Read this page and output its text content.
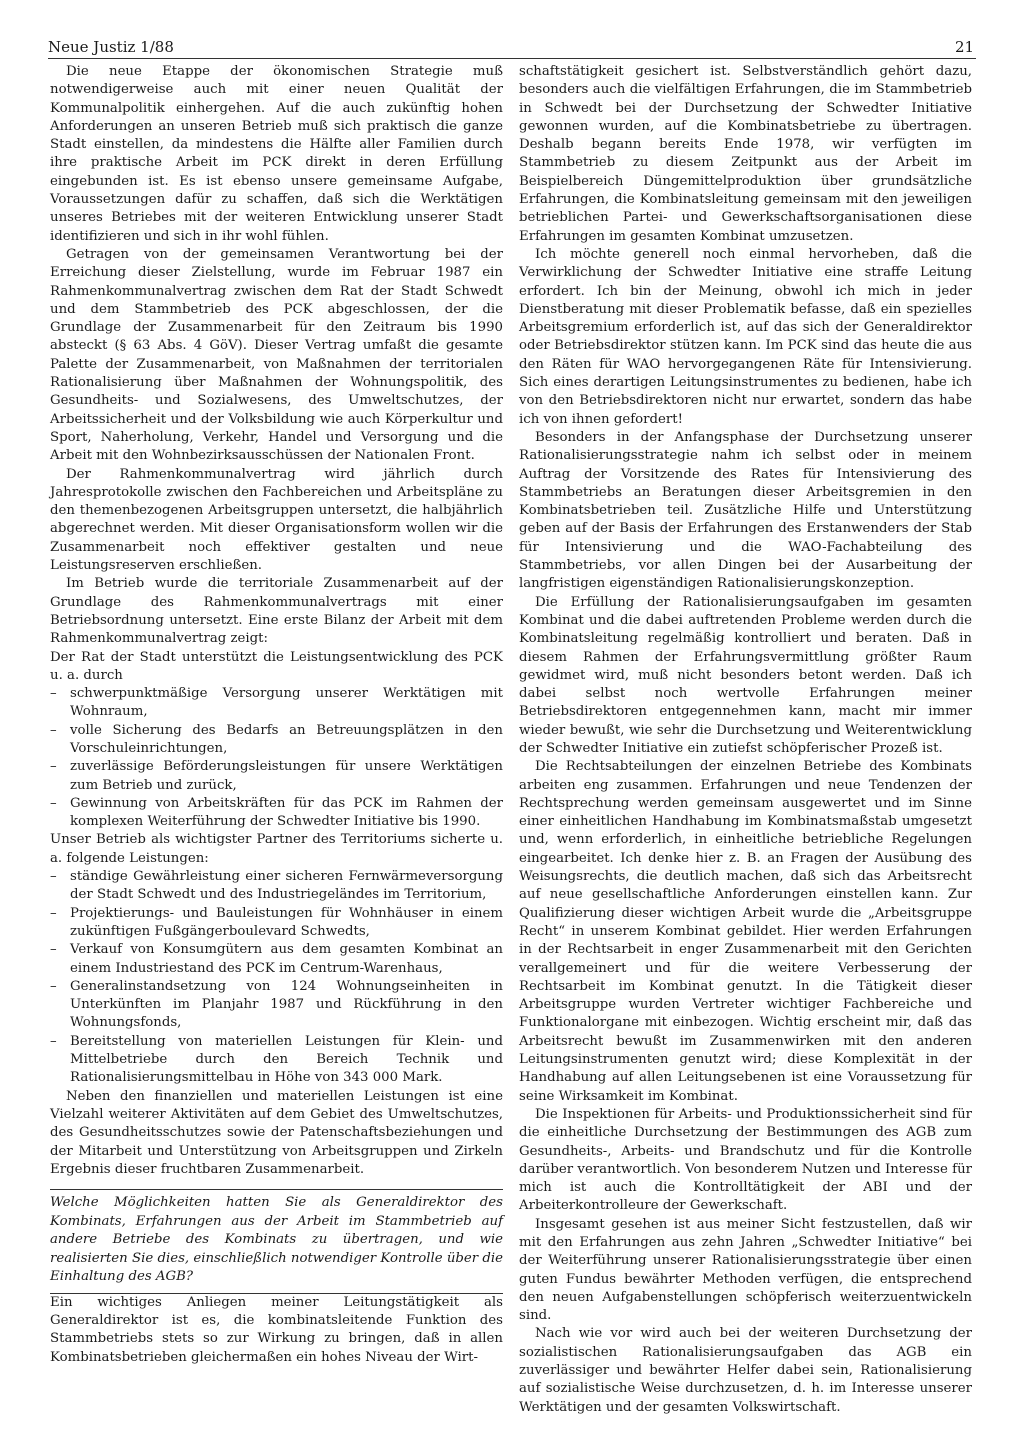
Neue Justiz 1/88	21

Die neue Etappe der ökonomischen Strategie muß notwendigerweise auch mit einer neuen Qualität der Kommunalpolitik einhergehen. Auf die auch zukünftig hohen Anforderungen an unseren Betrieb muß sich praktisch die ganze Stadt einstellen, da mindestens die Hälfte aller Familien durch ihre praktische Arbeit im PCK direkt in deren Erfüllung eingebunden ist. Es ist ebenso unsere gemeinsame Aufgabe, Voraussetzungen dafür zu schaffen, daß sich die Werktätigen unseres Betriebes mit der weiteren Entwicklung unserer Stadt identifizieren und sich in ihr wohl fühlen.

Getragen von der gemeinsamen Verantwortung bei der Erreichung dieser Zielstellung, wurde im Februar 1987 ein Rahmenkommunalvertrag zwischen dem Rat der Stadt Schwedt und dem Stammbetrieb des PCK abgeschlossen, der die Grundlage der Zusammenarbeit für den Zeitraum bis 1990 absteckt (§ 63 Abs. 4 GöV). Dieser Vertrag umfaßt die gesamte Palette der Zusammenarbeit, von Maßnahmen der territorialen Rationalisierung über Maßnahmen der Wohnungspolitik, des Gesundheits- und Sozialwesens, des Umweltschutzes, der Arbeitssicherheit und der Volksbildung wie auch Körperkultur und Sport, Naherholung, Verkehr, Handel und Versorgung und die Arbeit mit den Wohnbezirksausschüssen der Nationalen Front.

Der Rahmenkommunalvertrag wird jährlich durch Jahresprotokolle zwischen den Fachbereichen und Arbeitspläne zu den themenbezogenen Arbeitsgruppen untersetzt, die halbjährlich abgerechnet werden. Mit dieser Organisationsform wollen wir die Zusammenarbeit noch effektiver gestalten und neue Leistungsreserven erschließen.

Im Betrieb wurde die territoriale Zusammenarbeit auf der Grundlage des Rahmenkommunalvertrags mit einer Betriebsordnung untersetzt. Eine erste Bilanz der Arbeit mit dem Rahmenkommunalvertrag zeigt:

Der Rat der Stadt unterstützt die Leistungsentwicklung des PCK u. a. durch

– schwerpunktmäßige Versorgung unserer Werktätigen mit Wohnraum,
– volle Sicherung des Bedarfs an Betreuungsplätzen in den Vorschuleinrichtungen,
– zuverlässige Beförderungsleistungen für unsere Werktätigen zum Betrieb und zurück,
– Gewinnung von Arbeitskräften für das PCK im Rahmen der komplexen Weiterführung der Schwedter Initiative bis 1990.

Unser Betrieb als wichtigster Partner des Territoriums sicherte u. a. folgende Leistungen:

– ständige Gewährleistung einer sicheren Fernwärmeversorgung der Stadt Schwedt und des Industriegeländes im Territorium,
– Projektierungs- und Bauleistungen für Wohnhäuser in einem zukünftigen Fußgängerboulevard Schwedts,
– Verkauf von Konsumgütern aus dem gesamten Kombinat an einem Industriestand des PCK im Centrum-Warenhaus,
– Generalinstandsetzung von 124 Wohnungseinheiten in Unterkünften im Planjahr 1987 und Rückführung in den Wohnungsfonds,
– Bereitstellung von materiellen Leistungen für Klein- und Mittelbetriebe durch den Bereich Technik und Rationalisierungsmittelbau in Höhe von 343 000 Mark.

Neben den finanziellen und materiellen Leistungen ist eine Vielzahl weiterer Aktivitäten auf dem Gebiet des Umweltschutzes, des Gesundheitsschutzes sowie der Patenschaftsbeziehungen und der Mitarbeit und Unterstützung von Arbeitsgruppen und Zirkeln Ergebnis dieser fruchtbaren Zusammenarbeit.

Welche Möglichkeiten hatten Sie als Generaldirektor des Kombinats, Erfahrungen aus der Arbeit im Stammbetrieb auf andere Betriebe des Kombinats zu übertragen, und wie realisierten Sie dies, einschließlich notwendiger Kontrolle über die Einhaltung des AGB?

Ein wichtiges Anliegen meiner Leitungstätigkeit als Generaldirektor ist es, die kombinatsleitende Funktion des Stammbetriebs stets so zur Wirkung zu bringen, daß in allen Kombinatsbetrieben gleichermaßen ein hohes Niveau der Wirt-

schaftstätigkeit gesichert ist. Selbstverständlich gehört dazu, besonders auch die vielfältigen Erfahrungen, die im Stammbetrieb in Schwedt bei der Durchsetzung der Schwedter Initiative gewonnen wurden, auf die Kombinatsbetriebe zu übertragen. Deshalb begann bereits Ende 1978, wir verfügten im Stammbetrieb zu diesem Zeitpunkt aus der Arbeit im Beispielbereich Düngemittelproduktion über grundsätzliche Erfahrungen, die Kombinatsleitung gemeinsam mit den jeweiligen betrieblichen Partei- und Gewerkschaftsorganisationen diese Erfahrungen im gesamten Kombinat umzusetzen.

Ich möchte generell noch einmal hervorheben, daß die Verwirklichung der Schwedter Initiative eine straffe Leitung erfordert. Ich bin der Meinung, obwohl ich mich in jeder Dienstberatung mit dieser Problematik befasse, daß ein spezielles Arbeitsgremium erforderlich ist, auf das sich der Generaldirektor oder Betriebsdirektor stützen kann. Im PCK sind das heute die aus den Räten für WAO hervorgegangenen Räte für Intensivierung. Sich eines derartigen Leitungsinstrumentes zu bedienen, habe ich von den Betriebsdirektoren nicht nur erwartet, sondern das habe ich von ihnen gefordert!

Besonders in der Anfangsphase der Durchsetzung unserer Rationalisierungsstrategie nahm ich selbst oder in meinem Auftrag der Vorsitzende des Rates für Intensivierung des Stammbetriebs an Beratungen dieser Arbeitsgremien in den Kombinatsbetrieben teil. Zusätzliche Hilfe und Unterstützung geben auf der Basis der Erfahrungen des Erstanwenders der Stab für Intensivierung und die WAO-Fachabteilung des Stammbetriebs, vor allen Dingen bei der Ausarbeitung der langfristigen eigenständigen Rationalisierungskonzeption.

Die Erfüllung der Rationalisierungsaufgaben im gesamten Kombinat und die dabei auftretenden Probleme werden durch die Kombinatsleitung regelmäßig kontrolliert und beraten. Daß in diesem Rahmen der Erfahrungsvermittlung größter Raum gewidmet wird, muß nicht besonders betont werden. Daß ich dabei selbst noch wertvolle Erfahrungen meiner Betriebsdirektoren entgegennehmen kann, macht mir immer wieder bewußt, wie sehr die Durchsetzung und Weiterentwicklung der Schwedter Initiative ein zutiefst schöpferischer Prozeß ist.

Die Rechtsabteilungen der einzelnen Betriebe des Kombinats arbeiten eng zusammen. Erfahrungen und neue Tendenzen der Rechtsprechung werden gemeinsam ausgewertet und im Sinne einer einheitlichen Handhabung im Kombinatsmaßstab umgesetzt und, wenn erforderlich, in einheitliche betriebliche Regelungen eingearbeitet. Ich denke hier z. B. an Fragen der Ausübung des Weisungsrechts, die deutlich machen, daß sich das Arbeitsrecht auf neue gesellschaftliche Anforderungen einstellen kann. Zur Qualifizierung dieser wichtigen Arbeit wurde die „Arbeitsgruppe Recht“ in unserem Kombinat gebildet. Hier werden Erfahrungen in der Rechtsarbeit in enger Zusammenarbeit mit den Gerichten verallgemeinert und für die weitere Verbesserung der Rechtsarbeit im Kombinat genutzt. In die Tätigkeit dieser Arbeitsgruppe wurden Vertreter wichtiger Fachbereiche und Funktionalorgane mit einbezogen. Wichtig erscheint mir, daß das Arbeitsrecht bewußt im Zusammenwirken mit den anderen Leitungsinstrumenten genutzt wird; diese Komplexität in der Handhabung auf allen Leitungsebenen ist eine Voraussetzung für seine Wirksamkeit im Kombinat.

Die Inspektionen für Arbeits- und Produktionssicherheit sind für die einheitliche Durchsetzung der Bestimmungen des AGB zum Gesundheits-, Arbeits- und Brandschutz und für die Kontrolle darüber verantwortlich. Von besonderem Nutzen und Interesse für mich ist auch die Kontrolltätigkeit der ABI und der Arbeiterkontrolleure der Gewerkschaft.

Insgesamt gesehen ist aus meiner Sicht festzustellen, daß wir mit den Erfahrungen aus zehn Jahren „Schwedter Initiative“ bei der Weiterführung unserer Rationalisierungsstrategie über einen guten Fundus bewährter Methoden verfügen, die entsprechend den neuen Aufgabenstellungen schöpferisch weiterzuentwickeln sind.

Nach wie vor wird auch bei der weiteren Durchsetzung der sozialistischen Rationalisierungsaufgaben das AGB ein zuverlässiger und bewährter Helfer dabei sein, Rationalisierung auf sozialistische Weise durchzusetzen, d. h. im Interesse unserer Werktätigen und der gesamten Volkswirtschaft.
